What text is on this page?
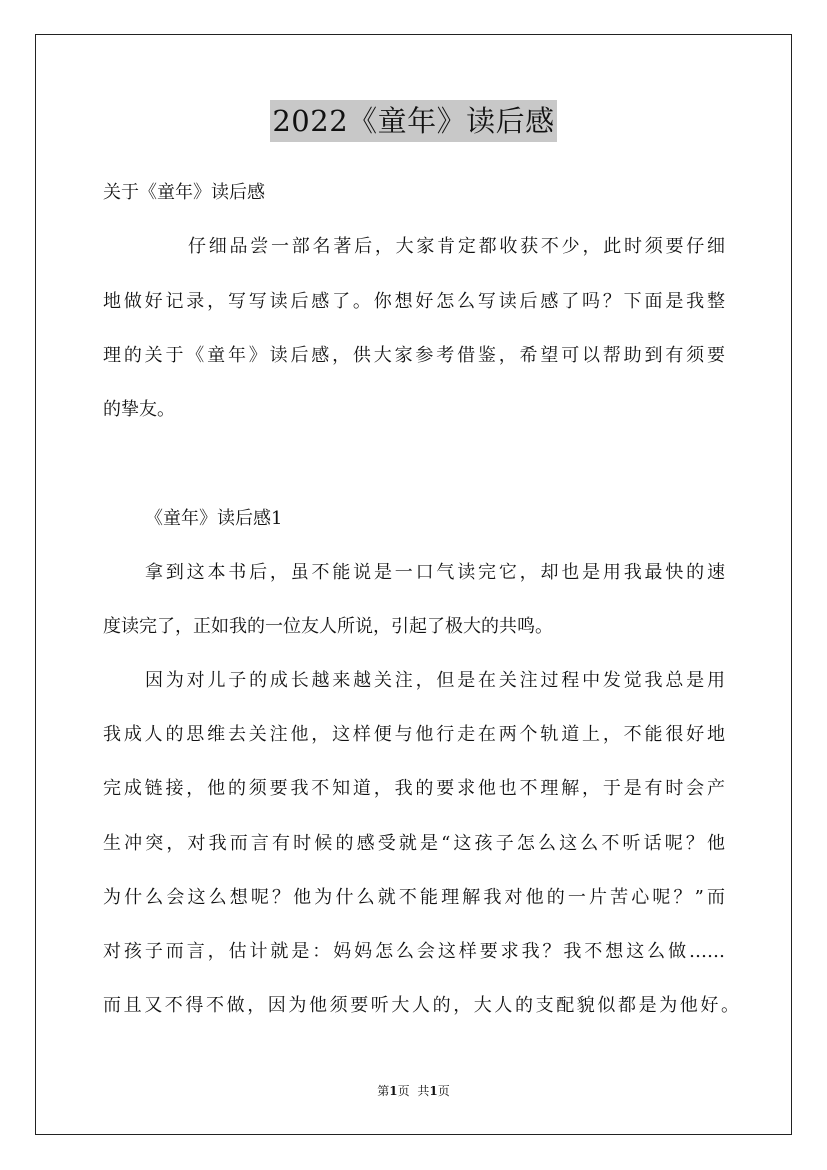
2022《童年》读后感
关于《童年》读后感
仔细品尝一部名著后，大家肯定都收获不少，此时须要仔细
地做好记录，写写读后感了。你想好怎么写读后感了吗？下面是我整
理的关于《童年》读后感，供大家参考借鉴，希望可以帮助到有须要
的挚友。
《童年》读后感1
拿到这本书后，虽不能说是一口气读完它，却也是用我最快的速
度读完了，正如我的一位友人所说，引起了极大的共鸣。
因为对儿子的成长越来越关注，但是在关注过程中发觉我总是用
我成人的思维去关注他，这样便与他行走在两个轨道上，不能很好地
完成链接，他的须要我不知道，我的要求他也不理解，于是有时会产
生冲突，对我而言有时候的感受就是“这孩子怎么这么不听话呢？他
为什么会这么想呢？他为什么就不能理解我对他的一片苦心呢？”而
对孩子而言，估计就是：妈妈怎么会这样要求我？我不想这么做……
而且又不得不做，因为他须要听大人的，大人的支配貌似都是为他好。
第1页 共1页
